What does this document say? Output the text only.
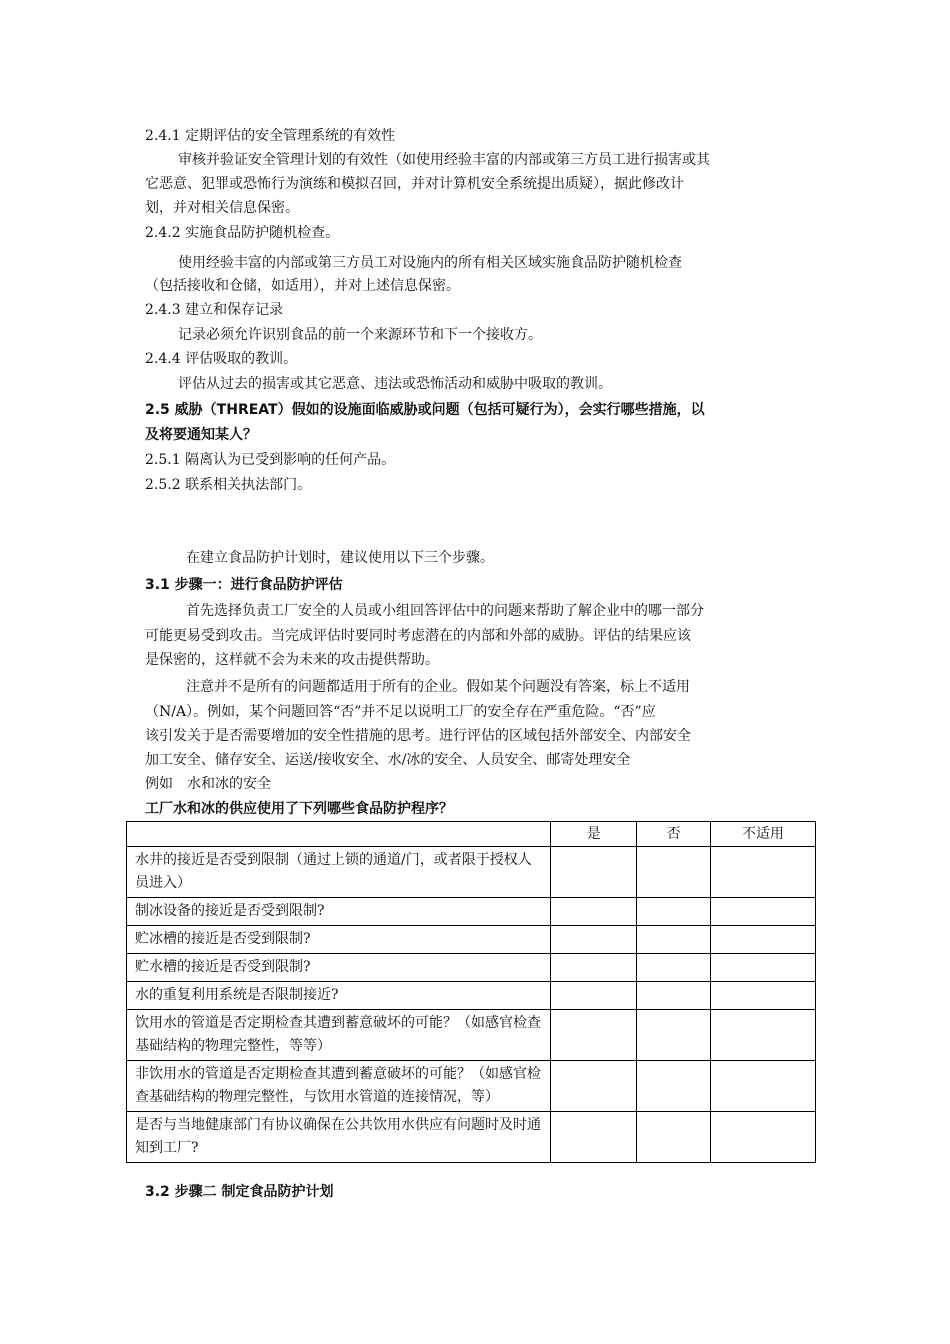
2.4.1 定期评估的安全管理系统的有效性
审核并验证安全管理计划的有效性（如使用经验丰富的内部或第三方员工进行损害或其
它恶意、犯罪或恐怖行为演练和模拟召回，并对计算机安全系统提出质疑），据此修改计
划，并对相关信息保密。
2.4.2 实施食品防护随机检查。
使用经验丰富的内部或第三方员工对设施内的所有相关区域实施食品防护随机检查
（包括接收和仓储，如适用），并对上述信息保密。
2.4.3 建立和保存记录
记录必须允许识别食品的前一个来源环节和下一个接收方。
2.4.4 评估吸取的教训。
评估从过去的损害或其它恶意、违法或恐怖活动和威胁中吸取的教训。
2.5 威胁（THREAT）假如的设施面临威胁或问题（包括可疑行为），会实行哪些措施，以
及将要通知某人？
2.5.1 隔离认为已受到影响的任何产品。
2.5.2 联系相关执法部门。
在建立食品防护计划时，建议使用以下三个步骤。
3.1 步骤一：进行食品防护评估
首先选择负责工厂安全的人员或小组回答评估中的问题来帮助了解企业中的哪一部分
可能更易受到攻击。当完成评估时要同时考虑潜在的内部和外部的威胁。评估的结果应该
是保密的，这样就不会为未来的攻击提供帮助。
注意并不是所有的问题都适用于所有的企业。假如某个问题没有答案，标上不适用
（N/A）。例如，某个问题回答“否”并不足以说明工厂的安全存在严重危险。“否”应
该引发关于是否需要增加的安全性措施的思考。进行评估的区域包括外部安全、内部安全
加工安全、储存安全、运送/接收安全、水/冰的安全、人员安全、邮寄处理安全
例如　水和冰的安全
工厂水和冰的供应使用了下列哪些食品防护程序？
	是	否	不适用
水井的接近是否受到限制（通过上锁的通道/门，或者限于授权人员进入）			
制冰设备的接近是否受到限制?			
贮冰槽的接近是否受到限制?			
贮水槽的接近是否受到限制?			
水的重复利用系统是否限制接近?			
饮用水的管道是否定期检查其遭到蓄意破坏的可能？（如感官检查基础结构的物理完整性，等等）			
非饮用水的管道是否定期检查其遭到蓄意破坏的可能？（如感官检查基础结构的物理完整性，与饮用水管道的连接情况，等）			
是否与当地健康部门有协议确保在公共饮用水供应有问题时及时通知到工厂?			
3.2 步骤二 制定食品防护计划
